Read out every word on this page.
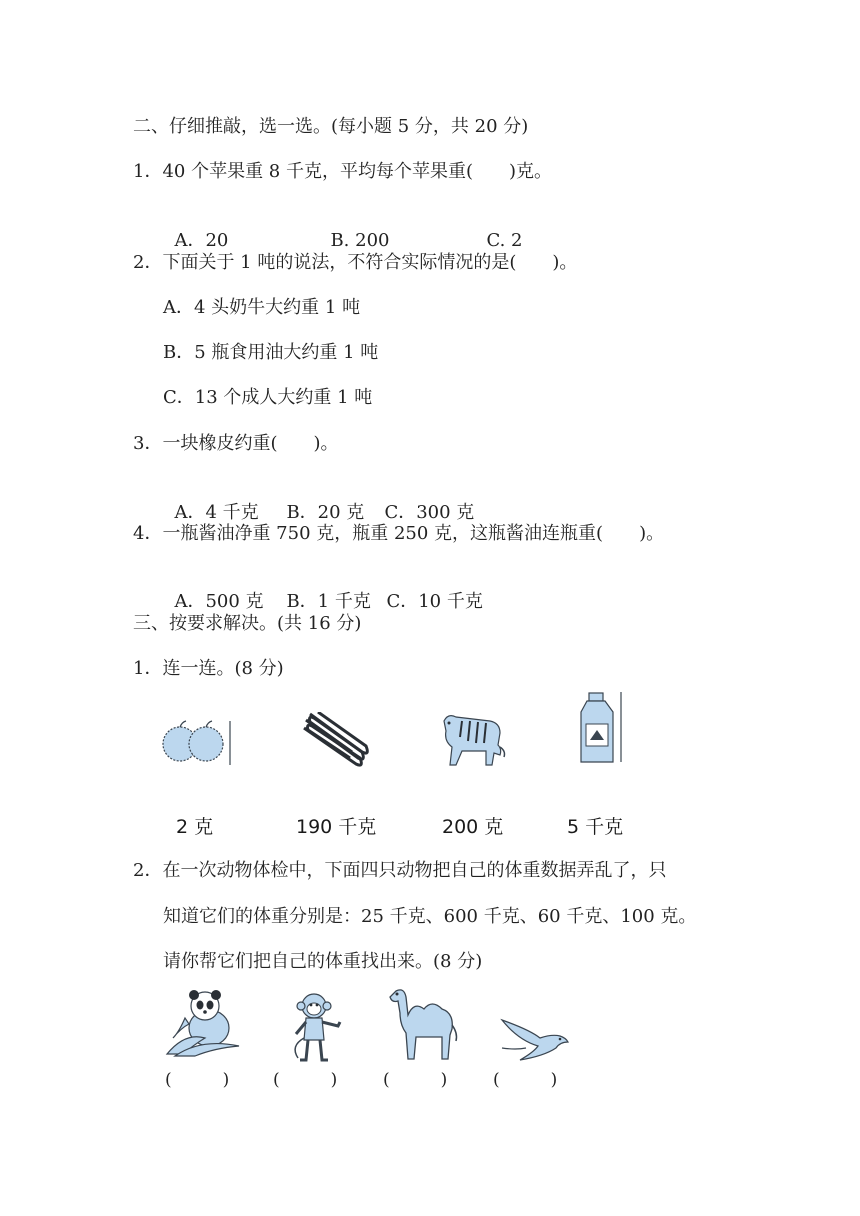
二、仔细推敲，选一选。(每小题 5 分，共 20 分)
1．40 个苹果重 8 千克，平均每个苹果重(　　)克。

A．20	B. 200	C. 2

2．下面关于 1 吨的说法，不符合实际情况的是(　　)。
A．4 头奶牛大约重 1 吨
B．5 瓶食用油大约重 1 吨
C．13 个成人大约重 1 吨
3．一块橡皮约重(　　)。

A．4 千克 B．20 克 C．300 克

4．一瓶酱油净重 750 克，瓶重 250 克，这瓶酱油连瓶重(　　)。

A．500 克 B．1 千克 C．10 千克

三、按要求解决。(共 16 分)
1．连一连。(8 分)
2 克	190 千克	200 克	5 千克
2．在一次动物体检中，下面四只动物把自己的体重数据弄乱了，只
知道它们的体重分别是：25 千克、600 千克、60 千克、100 克。
请你帮它们把自己的体重找出来。(8 分)
(　　　)	(　　　)	(　　　)	(　　　)
